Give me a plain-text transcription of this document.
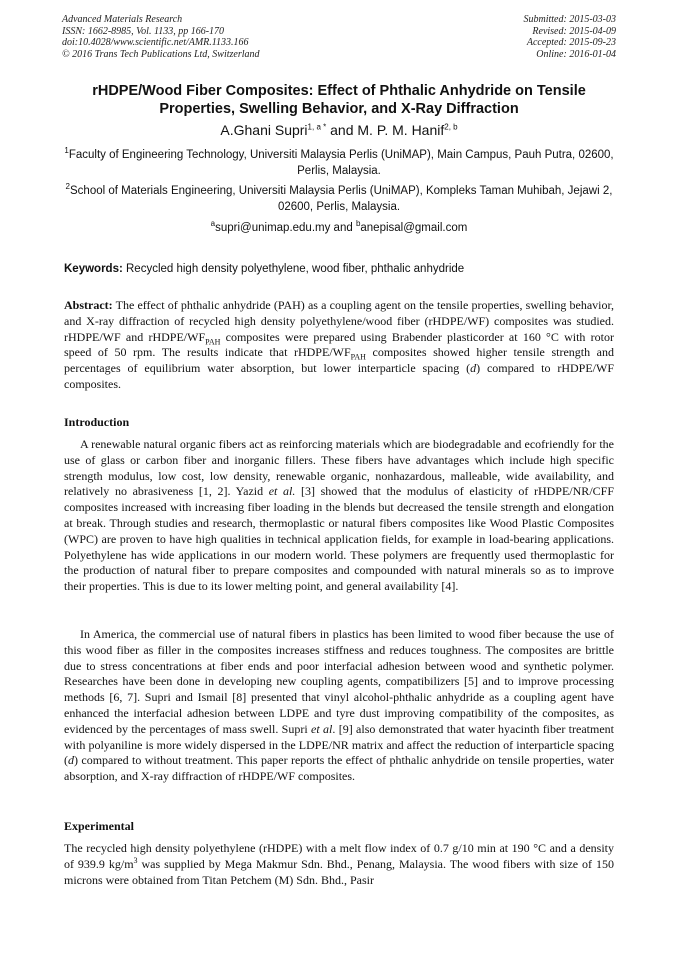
Advanced Materials Research
ISSN: 1662-8985, Vol. 1133, pp 166-170
doi:10.4028/www.scientific.net/AMR.1133.166
© 2016 Trans Tech Publications Ltd, Switzerland
Submitted: 2015-03-03
Revised: 2015-04-09
Accepted: 2015-09-23
Online: 2016-01-04
rHDPE/Wood Fiber Composites: Effect of Phthalic Anhydride on Tensile
Properties, Swelling Behavior, and X-Ray Diffraction
A.Ghani Supri$^{1, a *}$ and M. P. M. Hanif$^{2, b}$
$^1$Faculty of Engineering Technology, Universiti Malaysia Perlis (UniMAP), Main Campus, Pauh Putra, 02600, Perlis, Malaysia.
$^2$School of Materials Engineering, Universiti Malaysia Perlis (UniMAP), Kompleks Taman Muhibah, Jejawi 2, 02600, Perlis, Malaysia.
$^a$supri@unimap.edu.my and $^b$anepisal@gmail.com
Keywords: Recycled high density polyethylene, wood fiber, phthalic anhydride

Abstract: The effect of phthalic anhydride (PAH) as a coupling agent on the tensile properties, swelling behavior, and X-ray diffraction of recycled high density polyethylene/wood fiber (rHDPE/WF) composites was studied. rHDPE/WF and rHDPE/$WF_{PAH}$ composites were prepared using Brabender plasticorder at 160 °C with rotor speed of 50 rpm. The results indicate that rHDPE/$WF_{PAH}$ composites showed higher tensile strength and percentages of equilibrium water absorption, but lower interparticle spacing (d) compared to rHDPE/WF composites.

Introduction

A renewable natural organic fibers act as reinforcing materials which are biodegradable and ecofriendly for the use of glass or carbon fiber and inorganic fillers. These fibers have advantages which include high specific strength modulus, low cost, low density, renewable organic, nonhazardous, malleable, wide availability, and relatively no abrasiveness [1, 2]. Yazid et al. [3] showed that the modulus of elasticity of rHDPE/NR/CFF composites increased with increasing fiber loading in the blends but decreased the tensile strength and elongation at break. Through studies and research, thermoplastic or natural fibers composites like Wood Plastic Composites (WPC) are proven to have high qualities in technical application fields, for example in load-bearing applications. Polyethylene has wide applications in our modern world. These polymers are frequently used thermoplastic for the production of natural fiber to prepare composites and compounded with natural minerals so as to improve their properties. This is due to its lower melting point, and general availability [4].

In America, the commercial use of natural fibers in plastics has been limited to wood fiber because the use of this wood fiber as filler in the composites increases stiffness and reduces toughness. The composites are brittle due to stress concentrations at fiber ends and poor interfacial adhesion between wood and synthetic polymer. Researches have been done in developing new coupling agents, compatibilizers [5] and to improve processing methods [6, 7]. Supri and Ismail [8] presented that vinyl alcohol-phthalic anhydride as a coupling agent have enhanced the interfacial adhesion between LDPE and tyre dust improving compatibility of the composites, as evidenced by the percentages of mass swell. Supri et al. [9] also demonstrated that water hyacinth fiber treatment with polyaniline is more widely dispersed in the LDPE/NR matrix and affect the reduction of interparticle spacing (d) compared to without treatment. This paper reports the effect of phthalic anhydride on tensile properties, water absorption, and X-ray diffraction of rHDPE/WF composites.

Experimental

The recycled high density polyethylene (rHDPE) with a melt flow index of 0.7 g/10 min at 190 °C and a density of 939.9 $kg/m^3$ was supplied by Mega Makmur Sdn. Bhd., Penang, Malaysia. The wood fibers with size of 150 microns were obtained from Titan Petchem (M) Sdn. Bhd., Pasir
